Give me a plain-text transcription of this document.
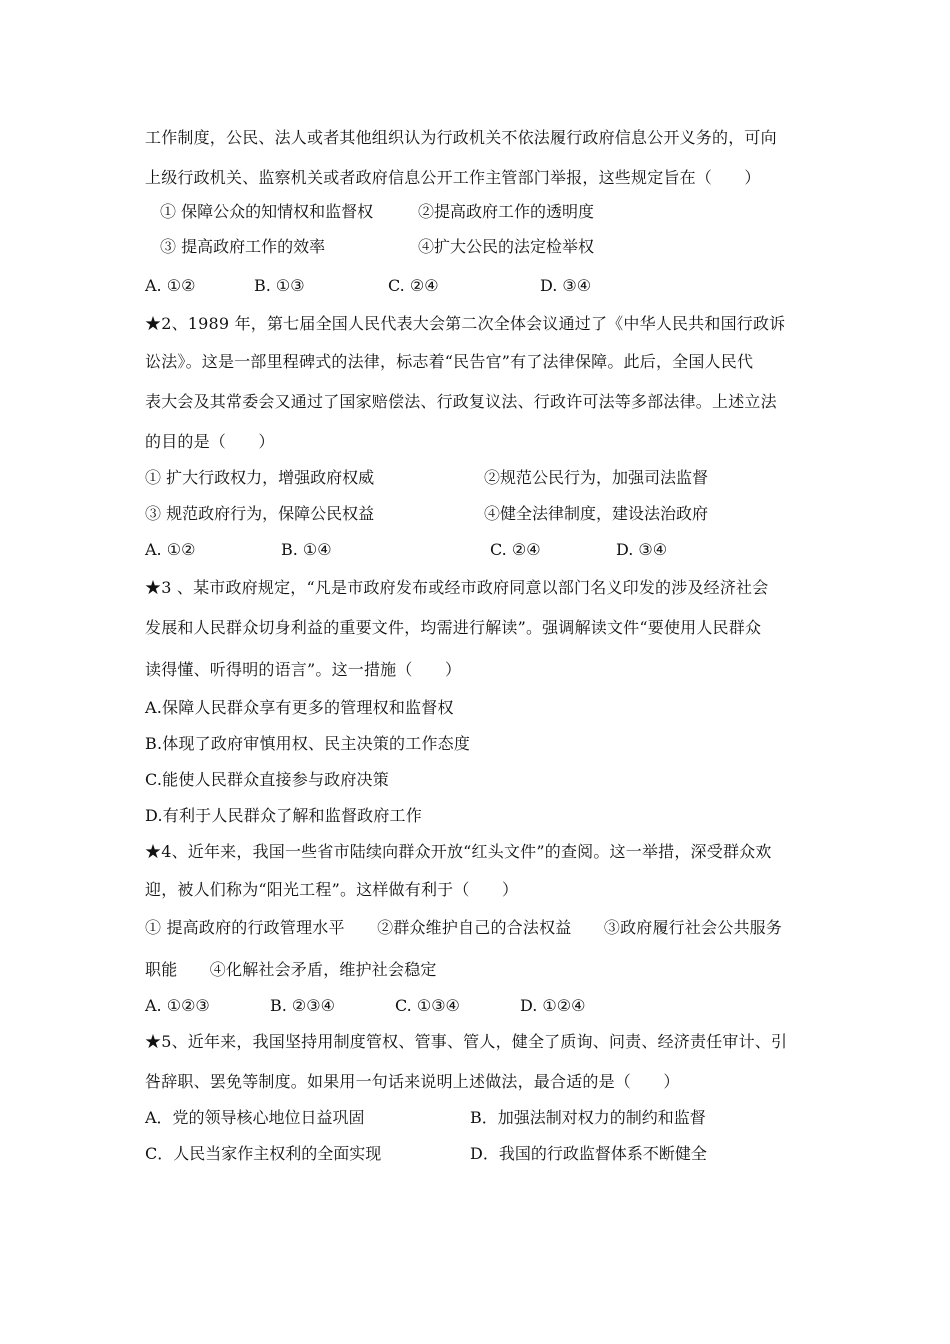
工作制度，公民、法人或者其他组织认为行政机关不依法履行政府信息公开义务的，可向
上级行政机关、监察机关或者政府信息公开工作主管部门举报，这些规定旨在（　　）
① 保障公众的知情权和监督权	②提高政府工作的透明度
③ 提高政府工作的效率	④扩大公民的法定检举权
A. ①②	B. ①③	C. ②④	D. ③④
★2、1989 年，第七届全国人民代表大会第二次全体会议通过了《中华人民共和国行政诉
讼法》。这是一部里程碑式的法律，标志着“民告官”有了法律保障。此后，全国人民代
表大会及其常委会又通过了国家赔偿法、行政复议法、行政许可法等多部法律。上述立法
的目的是（　　）
① 扩大行政权力，增强政府权威	②规范公民行为，加强司法监督
③ 规范政府行为，保障公民权益	④健全法律制度，建设法治政府
A. ①②	B. ①④	C. ②④	D. ③④
★3 、某市政府规定，“凡是市政府发布或经市政府同意以部门名义印发的涉及经济社会
发展和人民群众切身利益的重要文件，均需进行解读”。强调解读文件“要使用人民群众
读得懂、听得明的语言”。这一措施（　　）
A.保障人民群众享有更多的管理权和监督权
B.体现了政府审慎用权、民主决策的工作态度
C.能使人民群众直接参与政府决策
D.有利于人民群众了解和监督政府工作
★4、近年来，我国一些省市陆续向群众开放“红头文件”的查阅。这一举措，深受群众欢
迎，被人们称为“阳光工程”。这样做有利于（　　）
① 提高政府的行政管理水平　　②群众维护自己的合法权益　　③政府履行社会公共服务
职能　　④化解社会矛盾，维护社会稳定
A. ①②③	B. ②③④	C. ①③④	D. ①②④
★5、近年来，我国坚持用制度管权、管事、管人，健全了质询、问责、经济责任审计、引
咎辞职、罢免等制度。如果用一句话来说明上述做法，最合适的是（　　）
A．党的领导核心地位日益巩固	B．加强法制对权力的制约和监督
C．人民当家作主权利的全面实现	D．我国的行政监督体系不断健全
